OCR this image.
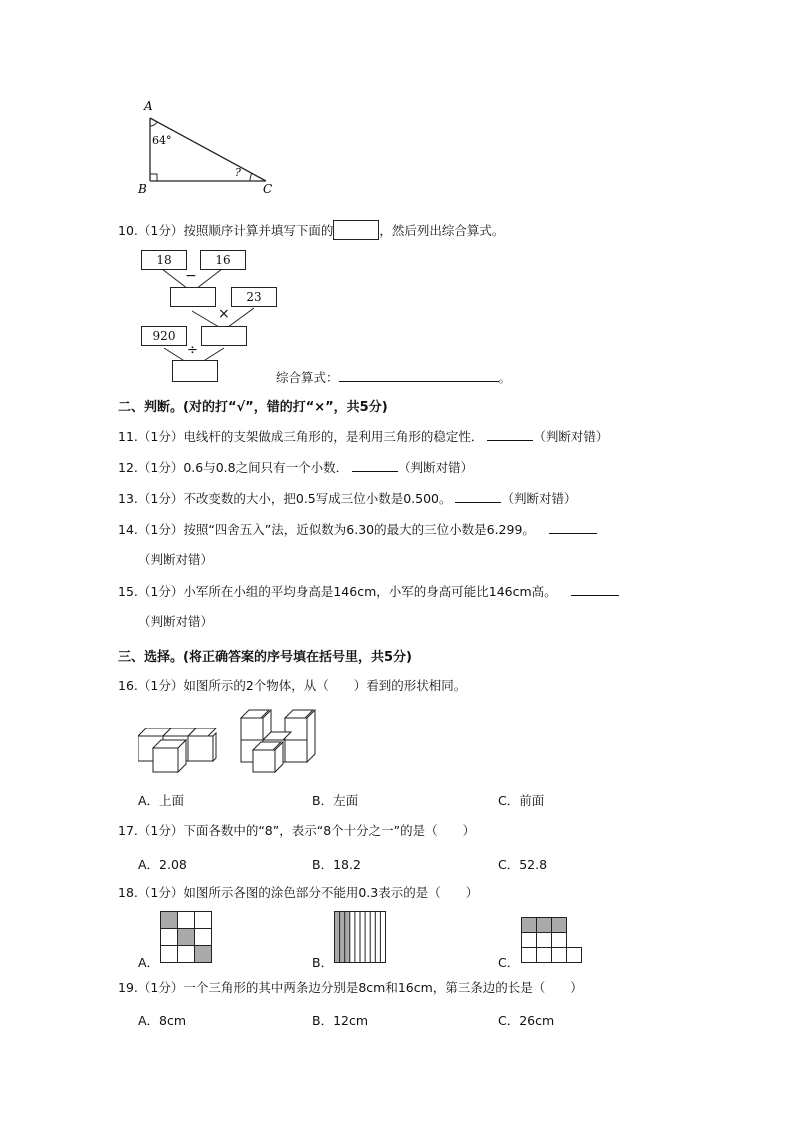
A
B	C
64°
?
10.（1分）按照顺序计算并填写下面的	，然后列出综合算式。
18	16
−
23
×
920
÷
综合算式：	。
二、判断。(对的打“√”，错的打“×”，共5分)
11.（1分）电线杆的支架做成三角形的，是利用三角形的稳定性．	（判断对错）
12.（1分）0.6与0.8之间只有一个小数．	（判断对错）
13.（1分）不改变数的大小，把0.5写成三位小数是0.500。	（判断对错）
14.（1分）按照“四舍五入”法，近似数为6.30的最大的三位小数是6.299。
（判断对错）
15.（1分）小军所在小组的平均身高是146cm，小军的身高可能比146cm高。
（判断对错）
三、选择。(将正确答案的序号填在括号里，共5分)
16.（1分）如图所示的2个物体，从（　　）看到的形状相同。
A．上面	B．左面	C．前面
17.（1分）下面各数中的“8”，表示“8个十分之一”的是（　　）
A．2.08	B．18.2	C．52.8
18.（1分）如图所示各图的涂色部分不能用0.3表示的是（　　）
A．	B．	C．
19.（1分）一个三角形的其中两条边分别是8cm和16cm，第三条边的长是（　　）
A．8cm	B．12cm	C．26cm
